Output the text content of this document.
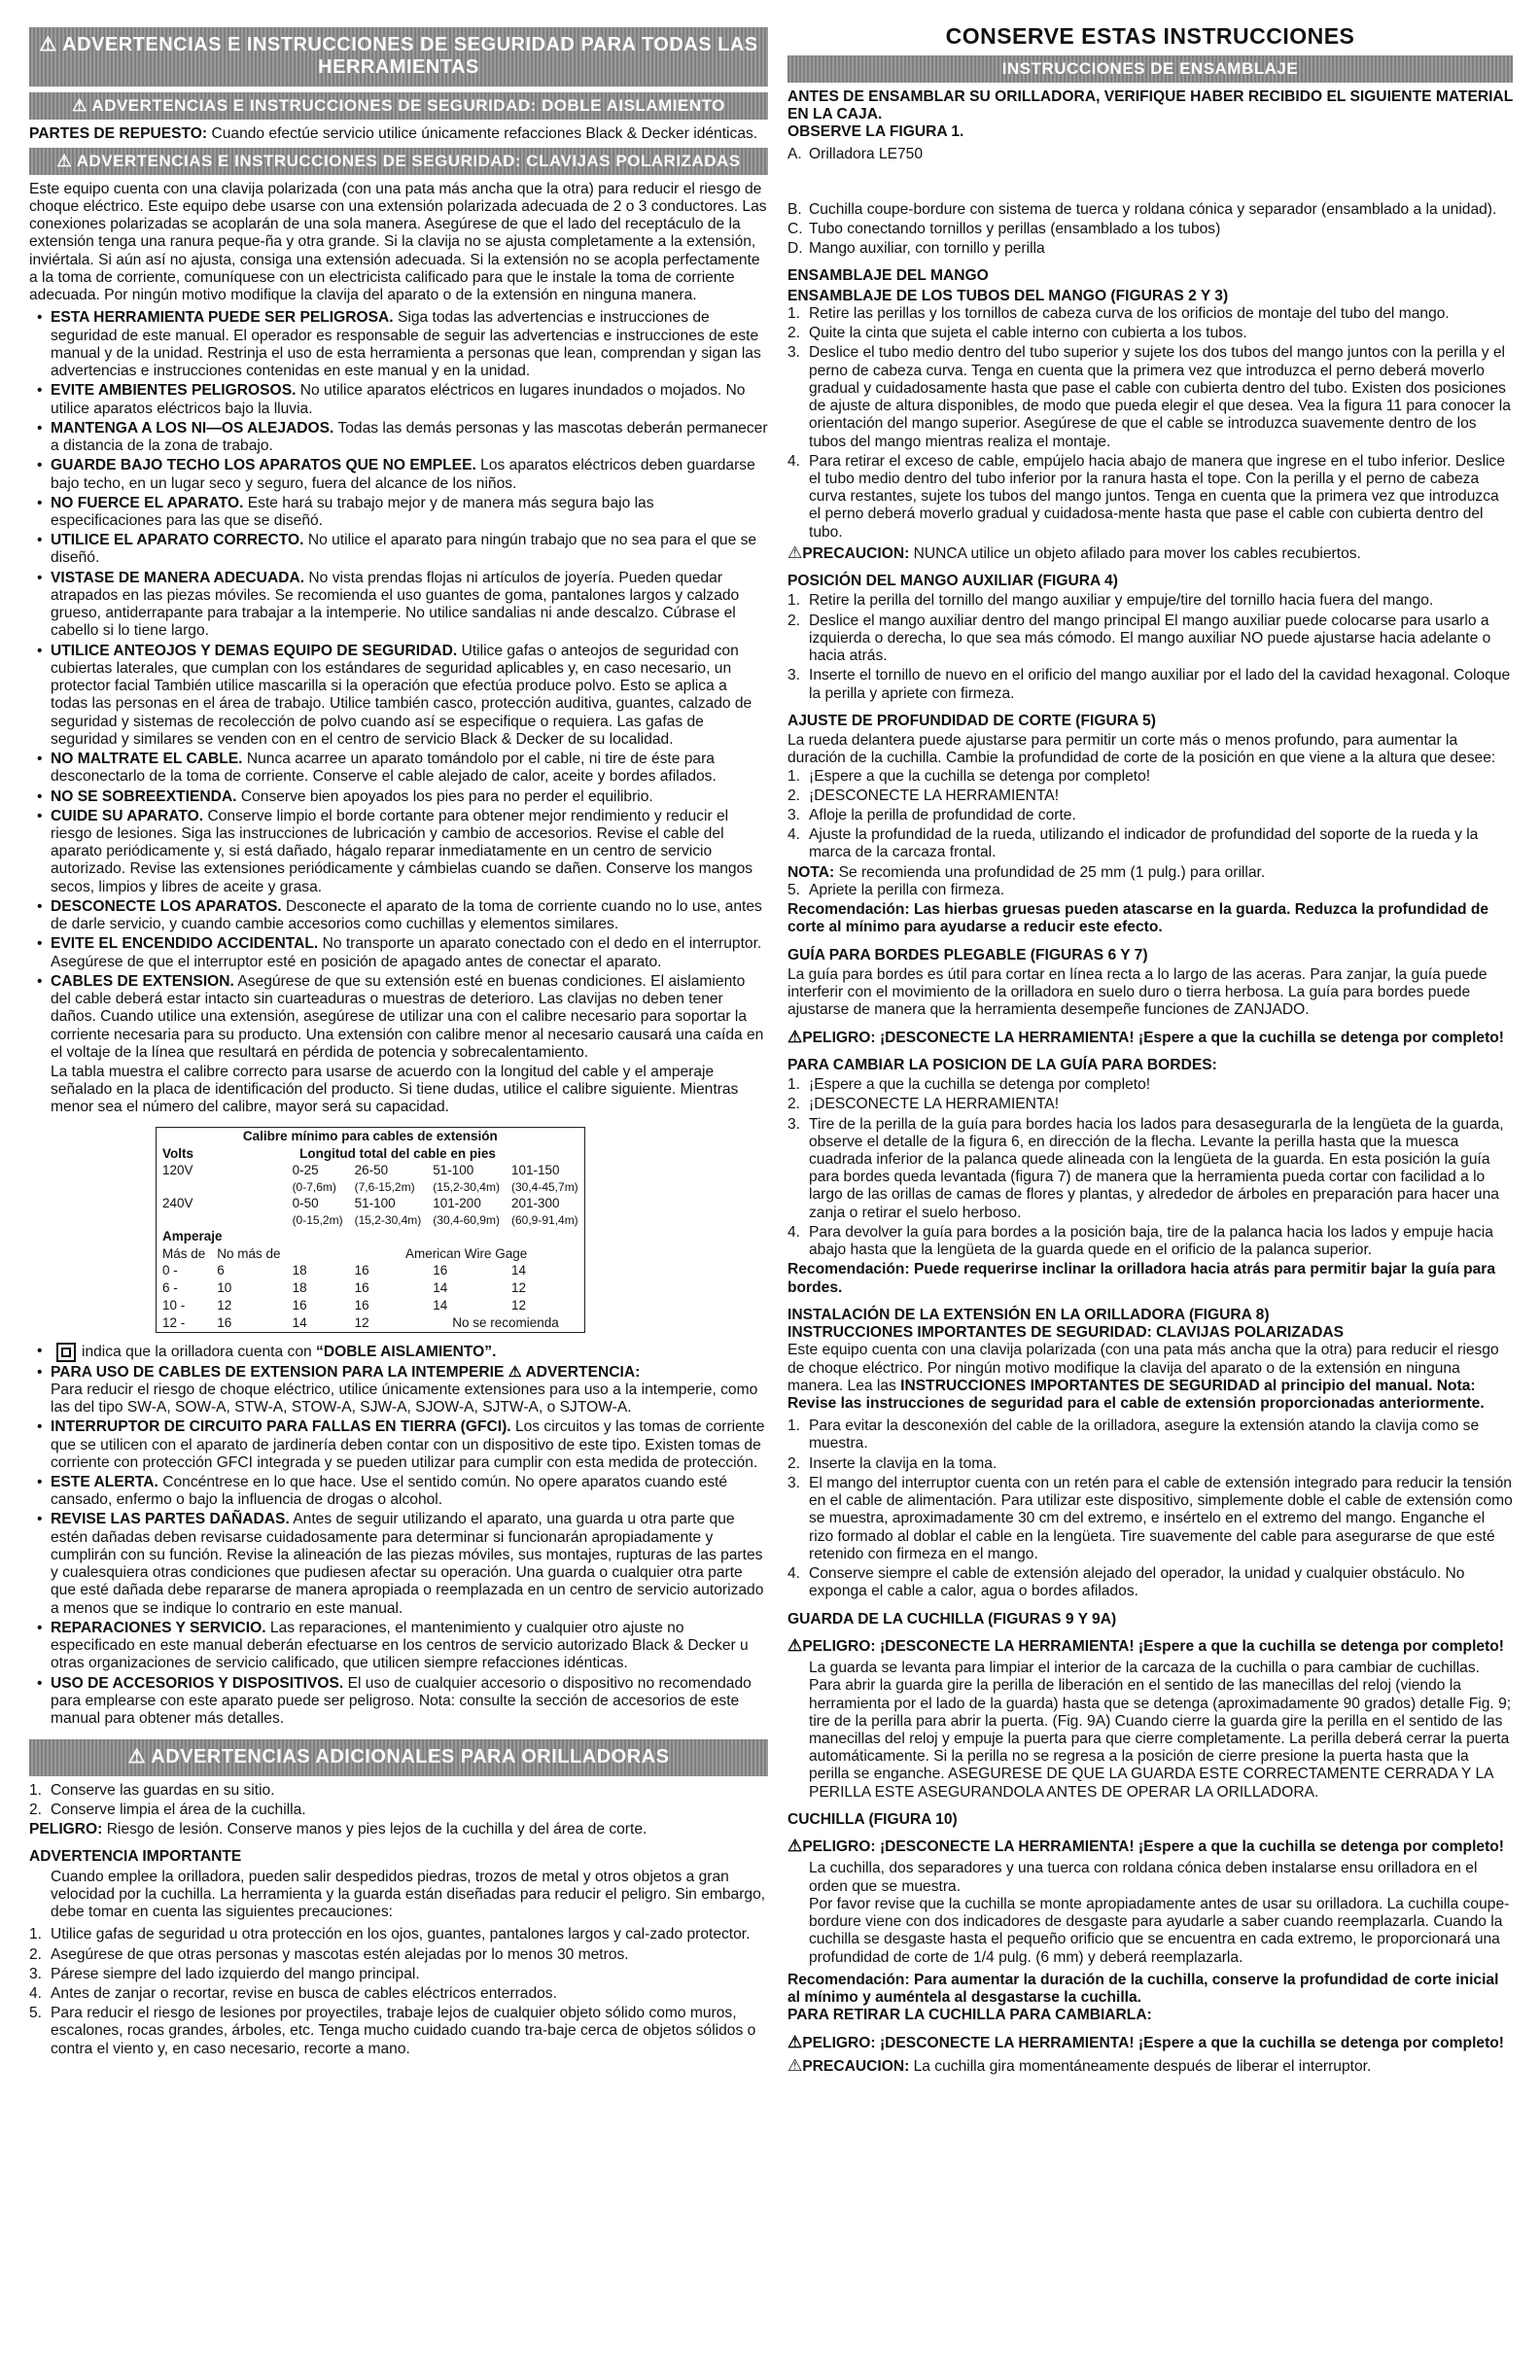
⚠ ADVERTENCIAS E INSTRUCCIONES DE SEGURIDAD PARA TODAS LAS HERRAMIENTAS
⚠ ADVERTENCIAS E INSTRUCCIONES DE SEGURIDAD: DOBLE AISLAMIENTO

PARTES DE REPUESTO: Cuando efectúe servicio utilice únicamente refacciones Black & Decker idénticas.

⚠ ADVERTENCIAS E INSTRUCCIONES DE SEGURIDAD: CLAVIJAS POLARIZADAS

Este equipo cuenta con una clavija polarizada (con una pata más ancha que la otra) para reducir el riesgo de choque eléctrico. Este equipo debe usarse con una extensión polarizada adecuada de 2 o 3 conductores. Las conexiones polarizadas se acoplarán de una sola manera. Asegúrese de que el lado del receptáculo de la extensión tenga una ranura peque-ña y otra grande. Si la clavija no se ajusta completamente a la extensión, inviértala. Si aún así no ajusta, consiga una extensión adecuada. Si la extensión no se acopla perfectamente a la toma de corriente, comuníquese con un electricista calificado para que le instale la toma de corriente adecuada. Por ningún motivo modifique la clavija del aparato o de la extensión en ninguna manera.

• ESTA HERRAMIENTA PUEDE SER PELIGROSA. Siga todas las advertencias e instrucciones de seguridad de este manual. El operador es responsable de seguir las advertencias e instrucciones de este manual y de la unidad. Restrinja el uso de esta herramienta a personas que lean, comprendan y sigan las advertencias e instrucciones contenidas en este manual y en la unidad.
• EVITE AMBIENTES PELIGROSOS. No utilice aparatos eléctricos en lugares inundados o mojados. No utilice aparatos eléctricos bajo la lluvia.
• MANTENGA A LOS NI—OS ALEJADOS. Todas las demás personas y las mascotas deberán permanecer a distancia de la zona de trabajo.
• GUARDE BAJO TECHO LOS APARATOS QUE NO EMPLEE. Los aparatos eléctricos deben guardarse bajo techo, en un lugar seco y seguro, fuera del alcance de los niños.
• NO FUERCE EL APARATO. Este hará su trabajo mejor y de manera más segura bajo las especificaciones para las que se diseñó.
• UTILICE EL APARATO CORRECTO. No utilice el aparato para ningún trabajo que no sea para el que se diseñó.
• VISTASE DE MANERA ADECUADA. No vista prendas flojas ni artículos de joyería. Pueden quedar atrapados en las piezas móviles. Se recomienda el uso guantes de goma, pantalones largos y calzado grueso, antiderrapante para trabajar a la intemperie. No utilice sandalias ni ande descalzo. Cúbrase el cabello si lo tiene largo.
• UTILICE ANTEOJOS Y DEMAS EQUIPO DE SEGURIDAD. Utilice gafas o anteojos de seguridad con cubiertas laterales, que cumplan con los estándares de seguridad aplicables y, en caso necesario, un protector facial También utilice mascarilla si la operación que efectúa produce polvo. Esto se aplica a todas las personas en el área de trabajo. Utilice también casco, protección auditiva, guantes, calzado de seguridad y sistemas de recolección de polvo cuando así se especifique o requiera. Las gafas de seguridad y similares se venden con en el centro de servicio Black & Decker de su localidad.
• NO MALTRATE EL CABLE. Nunca acarree un aparato tomándolo por el cable, ni tire de éste para desconectarlo de la toma de corriente. Conserve el cable alejado de calor, aceite y bordes afilados.
• NO SE SOBREEXTIENDA. Conserve bien apoyados los pies para no perder el equilibrio.
• CUIDE SU APARATO. Conserve limpio el borde cortante para obtener mejor rendimiento y reducir el riesgo de lesiones. Siga las instrucciones de lubricación y cambio de accesorios. Revise el cable del aparato periódicamente y, si está dañado, hágalo reparar inmediatamente en un centro de servicio autorizado. Revise las extensiones periódicamente y cámbielas cuando se dañen. Conserve los mangos secos, limpios y libres de aceite y grasa.
• DESCONECTE LOS APARATOS. Desconecte el aparato de la toma de corriente cuando no lo use, antes de darle servicio, y cuando cambie accesorios como cuchillas y elementos similares.
• EVITE EL ENCENDIDO ACCIDENTAL. No transporte un aparato conectado con el dedo en el interruptor. Asegúrese de que el interruptor esté en posición de apagado antes de conectar el aparato.
• CABLES DE EXTENSION. Asegúrese de que su extensión esté en buenas condiciones. El aislamiento del cable deberá estar intacto sin cuarteaduras o muestras de deterioro. Las clavijas no deben tener daños. Cuando utilice una extensión, asegúrese de utilizar una con el calibre necesario para soportar la corriente necesaria para su producto. Una extensión con calibre menor al necesario causará una caída en el voltaje de la línea que resultará en pérdida de potencia y sobrecalentamiento.

La tabla muestra el calibre correcto para usarse de acuerdo con la longitud del cable y el amperaje señalado en la placa de identificación del producto. Si tiene dudas, utilice el calibre siguiente. Mientras menor sea el número del calibre, mayor será su capacidad.

Calibre mínimo para cables de extensión					
Volts	Longitud total del cable en pies				
120V		0-25	26-50	51-100	101-150
		(0-7,6m)	(7,6-15,2m)	(15,2-30,4m)	(30,4-45,7m)
240V		0-50	51-100	101-200	201-300
		(0-15,2m)	(15,2-30,4m)	(30,4-60,9m)	(60,9-91,4m)
Amperaje					
Más de	No más de		American Wire Gage		
0 -	6	18	16	16	14
6 -	10	18	16	14	12
10 -	12	16	16	14	12
12 -	16	14	12	No se recomienda	
• indica que la orilladora cuenta con “DOBLE AISLAMIENTO”.
• PARA USO DE CABLES DE EXTENSION PARA LA INTEMPERIE ⚠ ADVERTENCIA:
Para reducir el riesgo de choque eléctrico, utilice únicamente extensiones para uso a la intemperie, como las del tipo SW-A, SOW-A, STW-A, STOW-A, SJW-A, SJOW-A, SJTW-A, o SJTOW-A.
• INTERRUPTOR DE CIRCUITO PARA FALLAS EN TIERRA (GFCI). Los circuitos y las tomas de corriente que se utilicen con el aparato de jardinería deben contar con un dispositivo de este tipo. Existen tomas de corriente con protección GFCI integrada y se pueden utilizar para cumplir con esta medida de protección.
• ESTE ALERTA. Concéntrese en lo que hace. Use el sentido común. No opere aparatos cuando esté cansado, enfermo o bajo la influencia de drogas o alcohol.
• REVISE LAS PARTES DAÑADAS. Antes de seguir utilizando el aparato, una guarda u otra parte que estén dañadas deben revisarse cuidadosamente para determinar si funcionarán apropiadamente y cumplirán con su función. Revise la alineación de las piezas móviles, sus montajes, rupturas de las partes y cualesquiera otras condiciones que pudiesen afectar su operación. Una guarda o cualquier otra parte que esté dañada debe repararse de manera apropiada o reemplazada en un centro de servicio autorizado a menos que se indique lo contrario en este manual.
• REPARACIONES Y SERVICIO. Las reparaciones, el mantenimiento y cualquier otro ajuste no especificado en este manual deberán efectuarse en los centros de servicio autorizado Black & Decker u otras organizaciones de servicio calificado, que utilicen siempre refacciones idénticas.
• USO DE ACCESORIOS Y DISPOSITIVOS. El uso de cualquier accesorio o dispositivo no recomendado para emplearse con este aparato puede ser peligroso. Nota: consulte la sección de accesorios de este manual para obtener más detalles.
⚠ ADVERTENCIAS ADICIONALES PARA ORILLADORAS
1. Conserve las guardas en su sitio.
2. Conserve limpia el área de la cuchilla.

PELIGRO: Riesgo de lesión. Conserve manos y pies lejos de la cuchilla y del área de corte.

ADVERTENCIA IMPORTANTE

Cuando emplee la orilladora, pueden salir despedidos piedras, trozos de metal y otros objetos a gran velocidad por la cuchilla. La herramienta y la guarda están diseñadas para reducir el peligro. Sin embargo, debe tomar en cuenta las siguientes precauciones:

1. Utilice gafas de seguridad u otra protección en los ojos, guantes, pantalones largos y cal-zado protector.
2. Asegúrese de que otras personas y mascotas estén alejadas por lo menos 30 metros.
3. Párese siempre del lado izquierdo del mango principal.
4. Antes de zanjar o recortar, revise en busca de cables eléctricos enterrados.
5. Para reducir el riesgo de lesiones por proyectiles, trabaje lejos de cualquier objeto sólido como muros, escalones, rocas grandes, árboles, etc. Tenga mucho cuidado cuando tra-baje cerca de objetos sólidos o contra el viento y, en caso necesario, recorte a mano.
CONSERVE ESTAS INSTRUCCIONES
INSTRUCCIONES DE ENSAMBLAJE

ANTES DE ENSAMBLAR SU ORILLADORA, VERIFIQUE HABER RECIBIDO EL SIGUIENTE MATERIAL EN LA CAJA.

OBSERVE LA FIGURA 1.

A. Orilladora LE750
B. Cuchilla coupe-bordure con sistema de tuerca y roldana cónica y separador (ensamblado a la unidad).
C. Tubo conectando tornillos y perillas (ensamblado a los tubos)
D. Mango auxiliar, con tornillo y perilla
ENSAMBLAJE DEL MANGO
ENSAMBLAJE DE LOS TUBOS DEL MANGO (FIGURAS 2 Y 3)
1. Retire las perillas y los tornillos de cabeza curva de los orificios de montaje del tubo del mango.
2. Quite la cinta que sujeta el cable interno con cubierta a los tubos.
3. Deslice el tubo medio dentro del tubo superior y sujete los dos tubos del mango juntos con la perilla y el perno de cabeza curva. Tenga en cuenta que la primera vez que introduzca el perno deberá moverlo gradual y cuidadosamente hasta que pase el cable con cubierta dentro del tubo. Existen dos posiciones de ajuste de altura disponibles, de modo que pueda elegir el que desea. Vea la figura 11 para conocer la orientación del mango superior. Asegúrese de que el cable se introduzca suavemente dentro de los tubos del mango mientras realiza el montaje.
4. Para retirar el exceso de cable, empújelo hacia abajo de manera que ingrese en el tubo inferior. Deslice el tubo medio dentro del tubo inferior por la ranura hasta el tope. Con la perilla y el perno de cabeza curva restantes, sujete los tubos del mango juntos. Tenga en cuenta que la primera vez que introduzca el perno deberá moverlo gradual y cuidadosa-mente hasta que pase el cable con cubierta dentro del tubo.

⚠PRECAUCION: NUNCA utilice un objeto afilado para mover los cables recubiertos.

POSICIÓN DEL MANGO AUXILIAR (FIGURA 4)
1. Retire la perilla del tornillo del mango auxiliar y empuje/tire del tornillo hacia fuera del mango.
2. Deslice el mango auxiliar dentro del mango principal El mango auxiliar puede colocarse para usarlo a izquierda o derecha, lo que sea más cómodo. El mango auxiliar NO puede ajustarse hacia adelante o hacia atrás.
3. Inserte el tornillo de nuevo en el orificio del mango auxiliar por el lado del la cavidad hexagonal. Coloque la perilla y apriete con firmeza.
AJUSTE DE PROFUNDIDAD DE CORTE (FIGURA 5)

La rueda delantera puede ajustarse para permitir un corte más o menos profundo, para aumentar la duración de la cuchilla. Cambie la profundidad de corte de la posición en que viene a la altura que desee:

1. ¡Espere a que la cuchilla se detenga por completo!
2. ¡DESCONECTE LA HERRAMIENTA!
3. Afloje la perilla de profundidad de corte.
4. Ajuste la profundidad de la rueda, utilizando el indicador de profundidad del soporte de la rueda y la marca de la carcaza frontal.

NOTA: Se recomienda una profundidad de 25 mm (1 pulg.) para orillar.

5. Apriete la perilla con firmeza.

Recomendación: Las hierbas gruesas pueden atascarse en la guarda. Reduzca la profundidad de corte al mínimo para ayudarse a reducir este efecto.

GUÍA PARA BORDES PLEGABLE (FIGURAS 6 Y 7)

La guía para bordes es útil para cortar en línea recta a lo largo de las aceras. Para zanjar, la guía puede interferir con el movimiento de la orilladora en suelo duro o tierra herbosa. La guía para bordes puede ajustarse de manera que la herramienta desempeñe funciones de ZANJADO.

⚠PELIGRO: ¡DESCONECTE LA HERRAMIENTA! ¡Espere a que la cuchilla se detenga por completo!

PARA CAMBIAR LA POSICION DE LA GUÍA PARA BORDES:
1. ¡Espere a que la cuchilla se detenga por completo!
2. ¡DESCONECTE LA HERRAMIENTA!
3. Tire de la perilla de la guía para bordes hacia los lados para desasegurarla de la lengüeta de la guarda, observe el detalle de la figura 6, en dirección de la flecha. Levante la perilla hasta que la muesca cuadrada inferior de la palanca quede alineada con la lengüeta de la guarda. En esta posición la guía para bordes queda levantada (figura 7) de manera que la herramienta pueda cortar con facilidad a lo largo de las orillas de camas de flores y plantas, y alrededor de árboles en preparación para hacer una zanja o retirar el suelo herboso.
4. Para devolver la guía para bordes a la posición baja, tire de la palanca hacia los lados y empuje hacia abajo hasta que la lengüeta de la guarda quede en el orificio de la palanca superior.

Recomendación: Puede requerirse inclinar la orilladora hacia atrás para permitir bajar la guía para bordes.

INSTALACIÓN DE LA EXTENSIÓN EN LA ORILLADORA (FIGURA 8)
INSTRUCCIONES IMPORTANTES DE SEGURIDAD: CLAVIJAS POLARIZADAS

Este equipo cuenta con una clavija polarizada (con una pata más ancha que la otra) para reducir el riesgo de choque eléctrico. Por ningún motivo modifique la clavija del aparato o de la extensión en ninguna manera. Lea las INSTRUCCIONES IMPORTANTES DE SEGURIDAD al principio del manual. Nota: Revise las instrucciones de seguridad para el cable de extensión proporcionadas anteriormente.

1. Para evitar la desconexión del cable de la orilladora, asegure la extensión atando la clavija como se muestra.
2. Inserte la clavija en la toma.
3. El mango del interruptor cuenta con un retén para el cable de extensión integrado para reducir la tensión en el cable de alimentación. Para utilizar este dispositivo, simplemente doble el cable de extensión como se muestra, aproximadamente 30 cm del extremo, e insértelo en el extremo del mango. Enganche el rizo formado al doblar el cable en la lengüeta. Tire suavemente del cable para asegurarse de que esté retenido con firmeza en el mango.
4. Conserve siempre el cable de extensión alejado del operador, la unidad y cualquier obstáculo. No exponga el cable a calor, agua o bordes afilados.
GUARDA DE LA CUCHILLA (FIGURAS 9 Y 9A)

⚠PELIGRO: ¡DESCONECTE LA HERRAMIENTA! ¡Espere a que la cuchilla se detenga por completo!

La guarda se levanta para limpiar el interior de la carcaza de la cuchilla o para cambiar de cuchillas. Para abrir la guarda gire la perilla de liberación en el sentido de las manecillas del reloj (viendo la herramienta por el lado de la guarda) hasta que se detenga (aproximadamente 90 grados) detalle Fig. 9; tire de la perilla para abrir la puerta. (Fig. 9A) Cuando cierre la guarda gire la perilla en el sentido de las manecillas del reloj y empuje la puerta para que cierre completamente. La perilla deberá cerrar la puerta automáticamente. Si la perilla no se regresa a la posición de cierre presione la puerta hasta que la perilla se enganche. ASEGURESE DE QUE LA GUARDA ESTE CORRECTAMENTE CERRADA Y LA PERILLA ESTE ASEGURANDOLA ANTES DE OPERAR LA ORILLADORA.

CUCHILLA (FIGURA 10)

⚠PELIGRO: ¡DESCONECTE LA HERRAMIENTA! ¡Espere a que la cuchilla se detenga por completo!

La cuchilla, dos separadores y una tuerca con roldana cónica deben instalarse ensu orilladora en el orden que se muestra.

Por favor revise que la cuchilla se monte apropiadamente antes de usar su orilladora. La cuchilla coupe-bordure viene con dos indicadores de desgaste para ayudarle a saber cuando reemplazarla. Cuando la cuchilla se desgaste hasta el pequeño orificio que se encuentra en cada extremo, le proporcionará una profundidad de corte de 1/4 pulg. (6 mm) y deberá reemplazarla.

Recomendación: Para aumentar la duración de la cuchilla, conserve la profundidad de corte inicial al mínimo y auméntela al desgastarse la cuchilla.

PARA RETIRAR LA CUCHILLA PARA CAMBIARLA:

⚠PELIGRO: ¡DESCONECTE LA HERRAMIENTA! ¡Espere a que la cuchilla se detenga por completo!

⚠PRECAUCION: La cuchilla gira momentáneamente después de liberar el interruptor.
